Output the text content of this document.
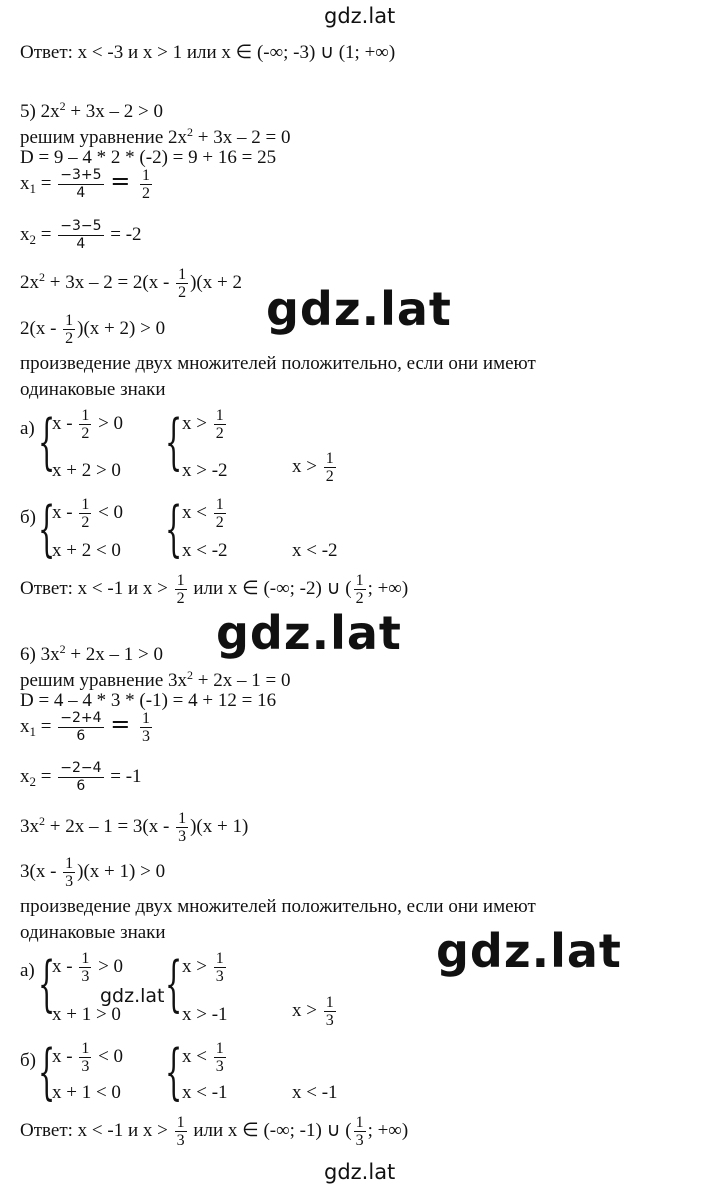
gdz.lat
gdz.lat
gdz.lat
gdz.lat
gdz.lat
gdz.lat
Ответ: x < -3 и x > 1 или x ∈ (-∞; -3) ∪ (1; +∞)
5) $2x^2 + 3x - 2 > 0$
решим уравнение $2x^2 + 3x - 2 = 0$
D = 9 – 4 * 2 * (-2) = 9 + 16 = 25
$x_1 = \frac{-3+5}{4} = \frac{1}{2}$
$x_2 = \frac{-3-5}{4} = -2$
$2x^2 + 3x - 2 = 2(x - \frac{1}{2} )(x + 2$
$2(x - \frac{1}{2} )(x + 2) > 0$
произведение двух множителей положительно, если они имеют
одинаковые знаки
а) {
$x - \frac{1}{2} > 0$
x + 2 > 0 { $x > \frac{1}{2}$
x > -2	$x > \frac{1}{2}$
б) {
$x - \frac{1}{2} < 0$
x + 2 < 0 { $x < \frac{1}{2}$
x < -2	x < -2
Ответ: x < -1 и $x > \frac{1}{2}$ или x ∈ (-∞; -2) ∪ ( $\frac{1}{2}$ ; +∞)
6) $3x^2 + 2x - 1 > 0$
решим уравнение $3x^2 + 2x - 1 = 0$
D = 4 – 4 * 3 * (-1) = 4 + 12 = 16
$x_1 = \frac{-2+4}{6} = \frac{1}{3}$
$x_2 = \frac{-2-4}{6} = -1$
$3x^2 + 2x - 1 = 3(x - \frac{1}{3} )(x + 1)$
$3(x - \frac{1}{3} )(x + 1) > 0$
произведение двух множителей положительно, если они имеют
одинаковые знаки
а) {
$x - \frac{1}{3} > 0$
x + 1 > 0 { $x > \frac{1}{3}$
x > -1	$x > \frac{1}{3}$
б) {
$x - \frac{1}{3} < 0$
x + 1 < 0 { $x < \frac{1}{3}$
x < -1	x < -1
Ответ: x < -1 и $x > \frac{1}{3}$ или x ∈ (-∞; -1) ∪ ( $\frac{1}{3}$ ; +∞)
